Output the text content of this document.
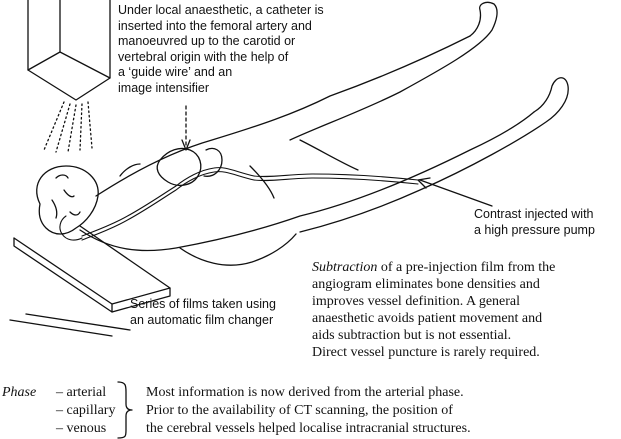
Under local anaesthetic, a catheter is
inserted into the femoral artery and
manoeuvred up to the carotid or
vertebral origin with the help of
a ‘guide wire’ and an
image intensifier
Contrast injected with
a high pressure pump
Series of films taken using
an automatic film changer
Subtraction of a pre-injection film from the
angiogram eliminates bone densities and
improves vessel definition. A general
anaesthetic avoids patient movement and
aids subtraction but is not essential.
Direct vessel puncture is rarely required.
Phase – arterial
– capillary
– venous
Most information is now derived from the arterial phase.
Prior to the availability of CT scanning, the position of
the cerebral vessels helped localise intracranial structures.
